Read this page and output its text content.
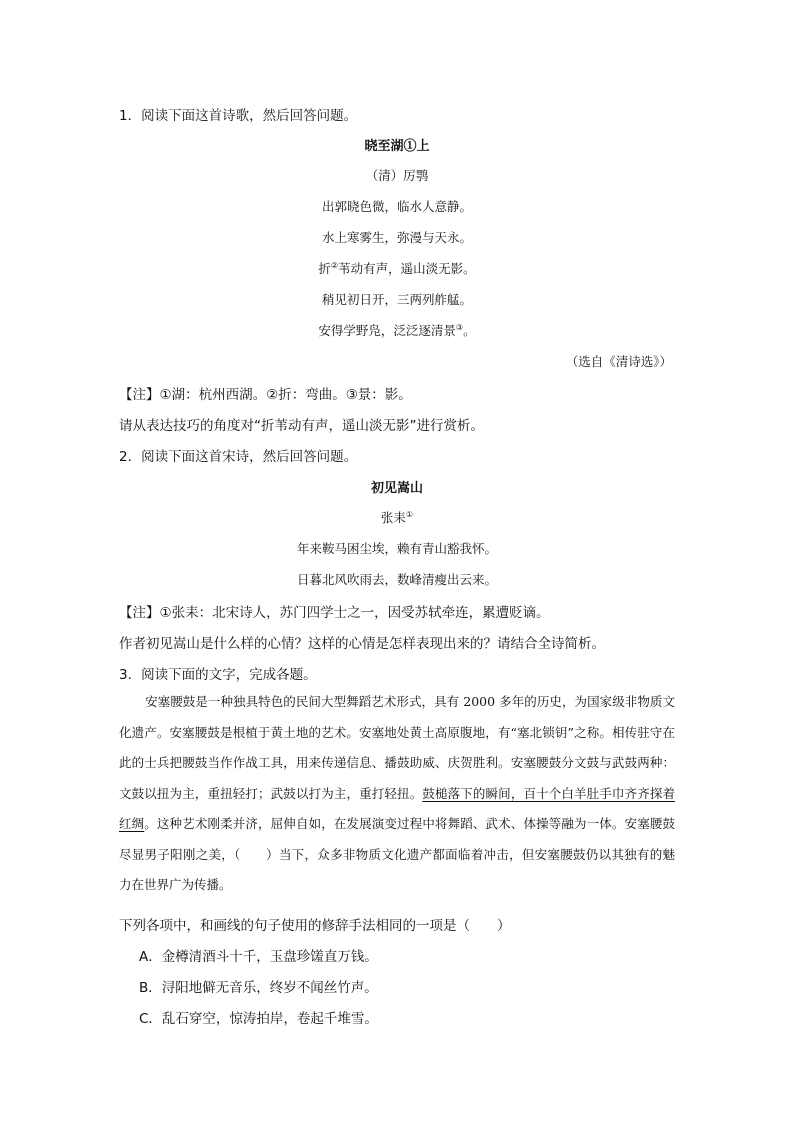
1．阅读下面这首诗歌，然后回答问题。
晓至湖①上
（清）厉鹗
出郭晓色微，临水人意静。
水上寒雾生，弥漫与天永。
折②苇动有声，遥山淡无影。
稍见初日开，三两列舴艋。
安得学野凫，泛泛逐清景③。
（选自《清诗选》）
【注】①湖：杭州西湖。②折：弯曲。③景：影。
请从表达技巧的角度对“折苇动有声，遥山淡无影”进行赏析。
2．阅读下面这首宋诗，然后回答问题。
初见嵩山
张耒①
年来鞍马困尘埃，赖有青山豁我怀。
日暮北风吹雨去，数峰清瘦出云来。
【注】①张耒：北宋诗人，苏门四学士之一，因受苏轼牵连，累遭贬谪。
作者初见嵩山是什么样的心情？这样的心情是怎样表现出来的？请结合全诗简析。
3．阅读下面的文字，完成各题。
安塞腰鼓是一种独具特色的民间大型舞蹈艺术形式，具有 2000 多年的历史，为国家级非物质文化遗产。安塞腰鼓是根植于黄土地的艺术。安塞地处黄土高原腹地，有“塞北锁钥”之称。相传驻守在此的士兵把腰鼓当作作战工具，用来传递信息、播鼓助威、庆贺胜利。安塞腰鼓分文鼓与武鼓两种：文鼓以扭为主，重扭轻打；武鼓以打为主，重打轻扭。鼓槌落下的瞬间，百十个白羊肚手巾齐齐探着红绸。这种艺术刚柔并济，屈伸自如，在发展演变过程中将舞蹈、武术、体操等融为一体。安塞腰鼓尽显男子阳刚之美，（　　）当下，众多非物质文化遗产都面临着冲击，但安塞腰鼓仍以其独有的魅力在世界广为传播。
下列各项中，和画线的句子使用的修辞手法相同的一项是（　　）
A．金樽清酒斗十千，玉盘珍馐直万钱。
B．浔阳地僻无音乐，终岁不闻丝竹声。
C．乱石穿空，惊涛拍岸，卷起千堆雪。
